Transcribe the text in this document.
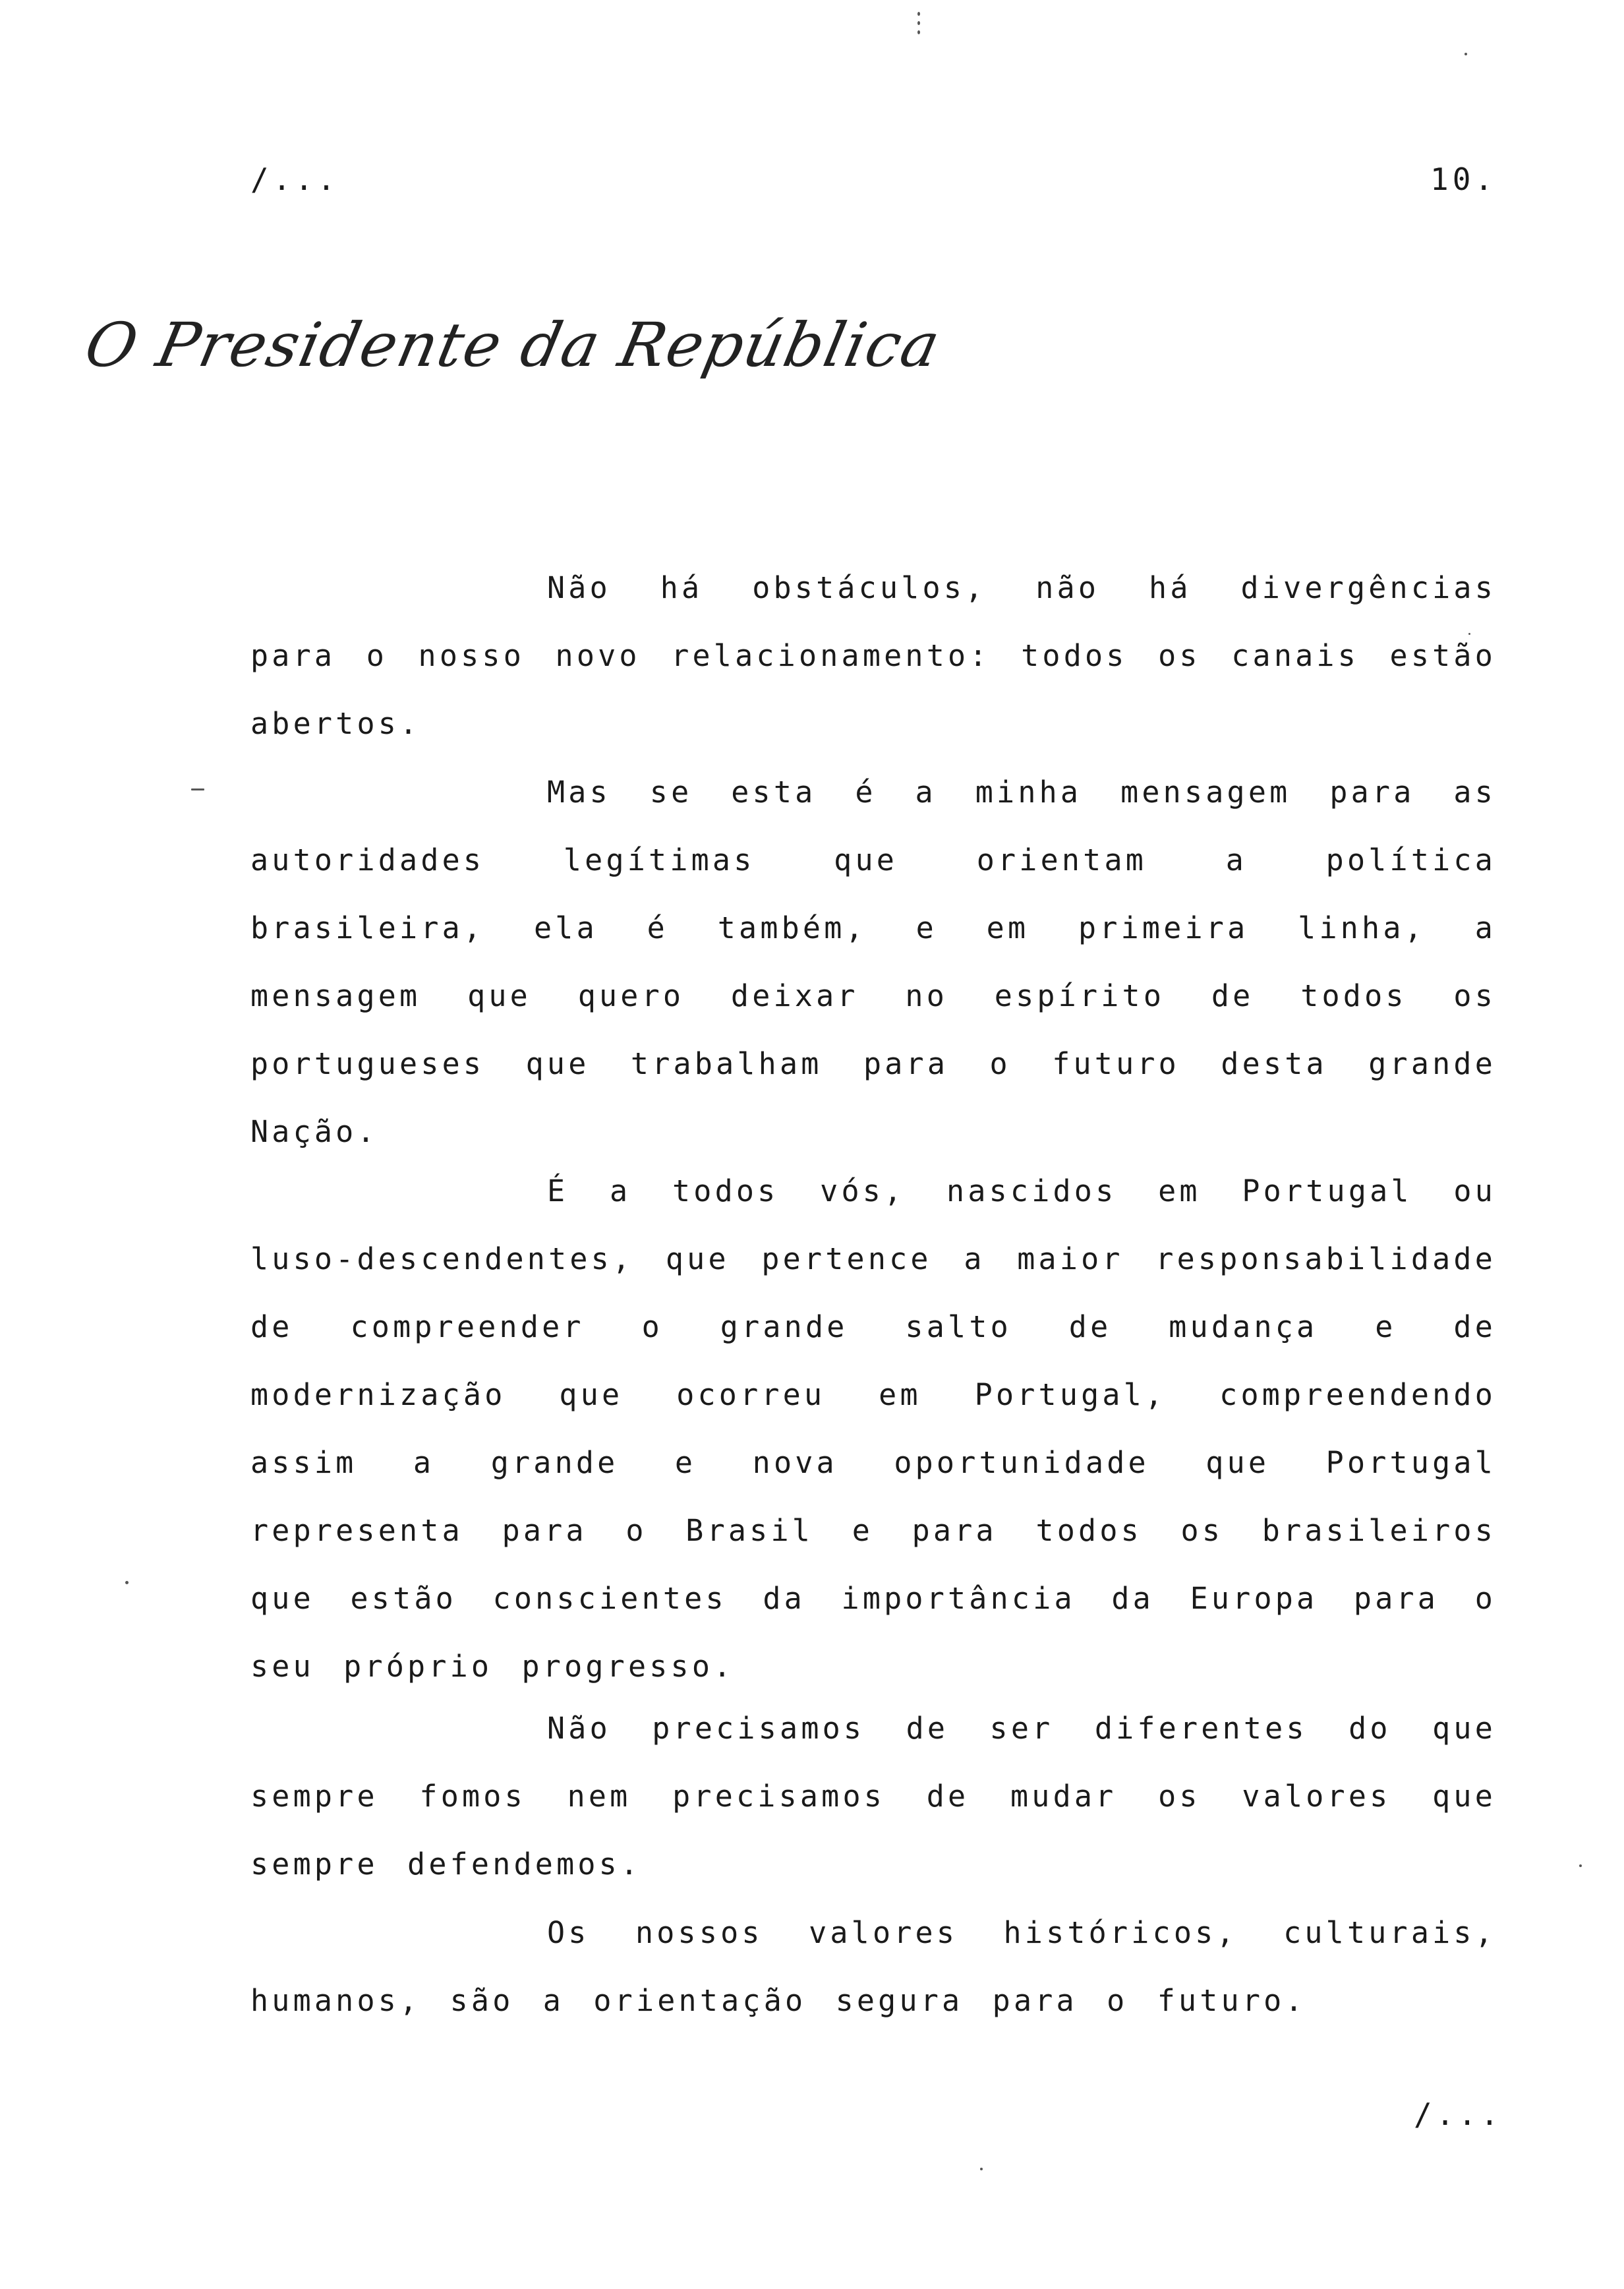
/...	10.
O Presidente da República

Não há obstáculos, não há divergências para o nosso novo relacionamento: todos os canais estão abertos.

Mas se esta é a minha mensagem para as autoridades legítimas que orientam a política brasileira, ela é também, e em primeira linha, a mensagem que quero deixar no espírito de todos os portugueses que trabalham para o futuro desta grande Nação.

É a todos vós, nascidos em Portugal ou luso-descendentes, que pertence a maior responsabilidade de compreender o grande salto de mudança e de modernização que ocorreu em Portugal, compreendendo assim a grande e nova oportunidade que Portugal representa para o Brasil e para todos os brasileiros que estão conscientes da importância da Europa para o seu próprio progresso.

Não precisamos de ser diferentes do que sempre fomos nem precisamos de mudar os valores que sempre defendemos.

Os nossos valores históricos, culturais, humanos, são a orientação segura para o futuro.

/...
